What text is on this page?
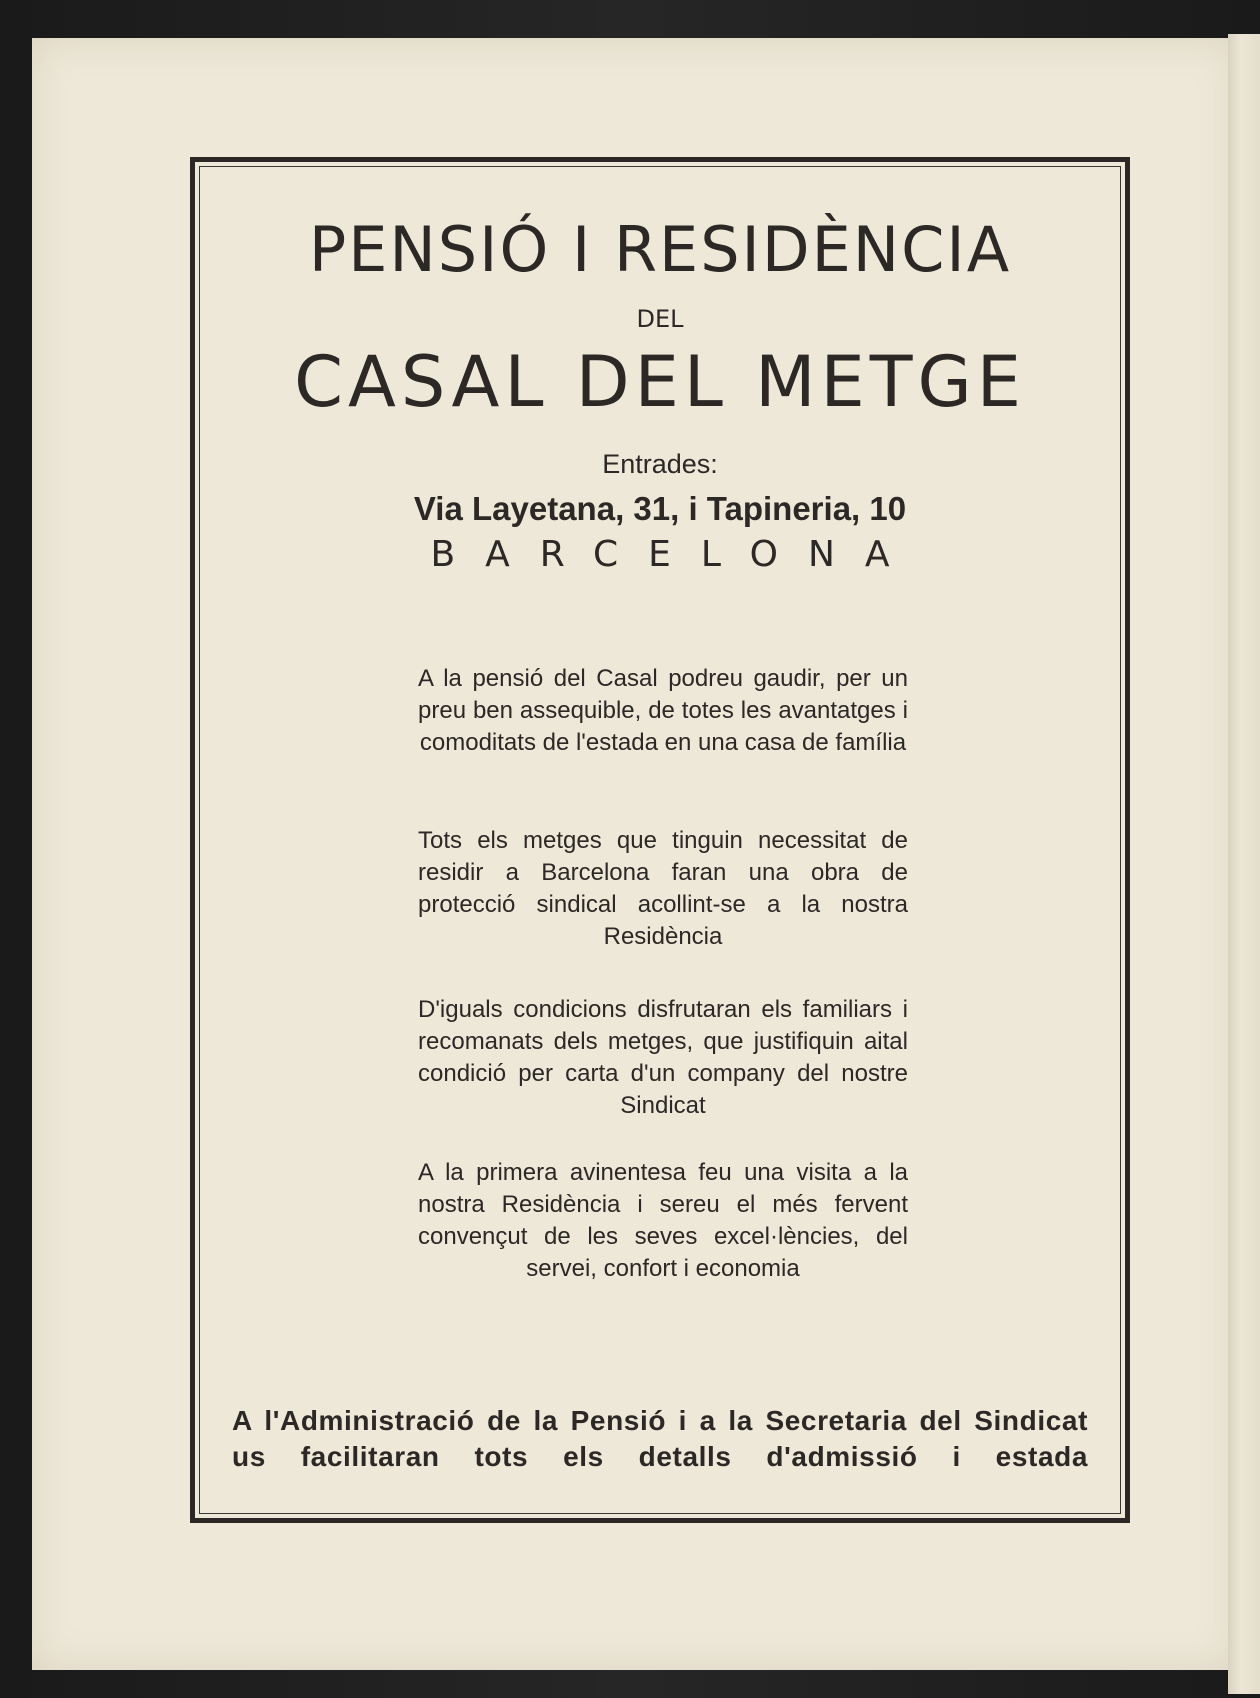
PENSIÓ I RESIDÈNCIA
DEL
CASAL DEL METGE
Entrades:
Via Layetana, 31, i Tapineria, 10
BARCELONA
A la pensió del Casal podreu gaudir, per un preu ben assequible, de totes les avantatges i comoditats de l'estada en una casa de família
Tots els metges que tinguin necessitat de residir a Barcelona faran una obra de protecció sindical acollint-se a la nostra Residència
D'iguals condicions disfrutaran els familiars i recomanats dels metges, que justifiquin aital condició per carta d'un company del nostre Sindicat
A la primera avinentesa feu una visita a la nostra Residència i sereu el més fervent convençut de les seves excel·lències, del servei, confort i economia
A l'Administració de la Pensió i a la Secretaria del Sindicat us facilitaran tots els detalls d'admissió i estada
